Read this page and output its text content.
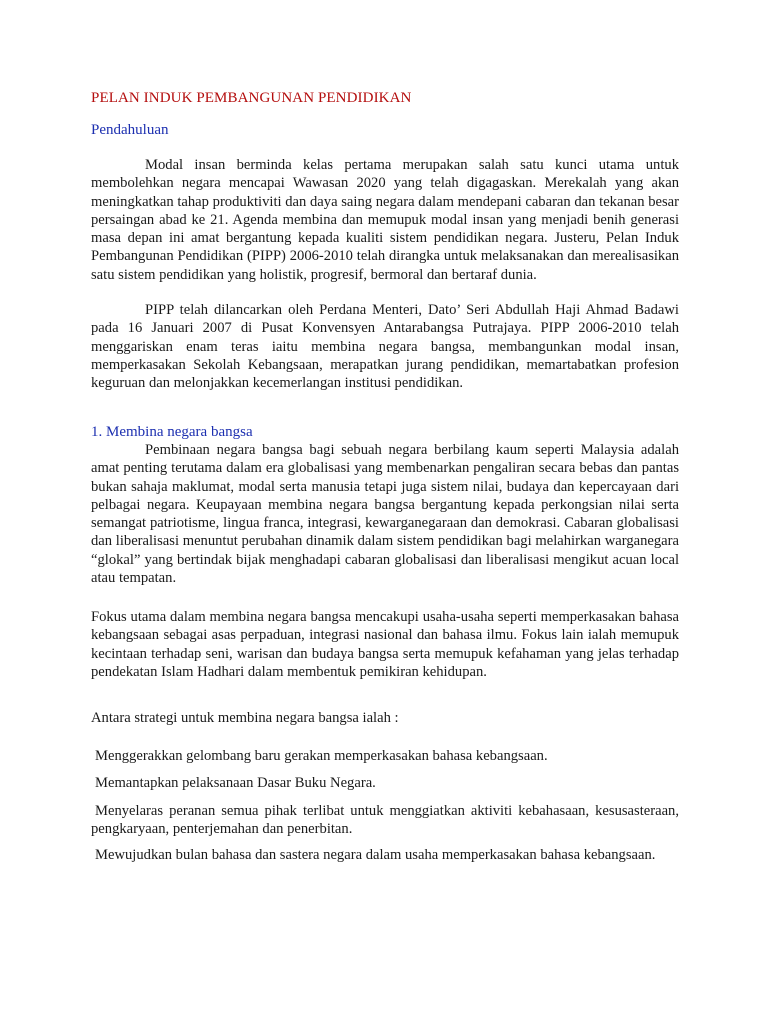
PELAN INDUK PEMBANGUNAN PENDIDIKAN
Pendahuluan

Modal insan berminda kelas pertama merupakan salah satu kunci utama untuk membolehkan negara mencapai Wawasan 2020 yang telah digagaskan. Merekalah yang akan meningkatkan tahap produktiviti dan daya saing negara dalam mendepani cabaran dan tekanan besar persaingan abad ke 21. Agenda membina dan memupuk modal insan yang menjadi benih generasi masa depan ini amat bergantung kepada kualiti sistem pendidikan negara. Justeru, Pelan Induk Pembangunan Pendidikan (PIPP) 2006-2010 telah dirangka untuk melaksanakan dan merealisasikan satu sistem pendidikan yang holistik, progresif, bermoral dan bertaraf dunia.

PIPP telah dilancarkan oleh Perdana Menteri, Dato’ Seri Abdullah Haji Ahmad Badawi pada 16 Januari 2007 di Pusat Konvensyen Antarabangsa Putrajaya. PIPP 2006-2010 telah menggariskan enam teras iaitu membina negara bangsa, membangunkan modal insan, memperkasakan Sekolah Kebangsaan, merapatkan jurang pendidikan, memartabatkan profesion keguruan dan melonjakkan kecemerlangan institusi pendidikan.

1. Membina negara bangsa

Pembinaan negara bangsa bagi sebuah negara berbilang kaum seperti Malaysia adalah amat penting terutama dalam era globalisasi yang membenarkan pengaliran secara bebas dan pantas bukan sahaja maklumat, modal serta manusia tetapi juga sistem nilai, budaya dan kepercayaan dari pelbagai negara. Keupayaan membina negara bangsa bergantung kepada perkongsian nilai serta semangat patriotisme, lingua franca, integrasi, kewarganegaraan dan demokrasi. Cabaran globalisasi dan liberalisasi menuntut perubahan dinamik dalam sistem pendidikan bagi melahirkan warganegara “glokal” yang bertindak bijak menghadapi cabaran globalisasi dan liberalisasi mengikut acuan local atau tempatan.

Fokus utama dalam membina negara bangsa mencakupi usaha-usaha seperti memperkasakan bahasa kebangsaan sebagai asas perpaduan, integrasi nasional dan bahasa ilmu. Fokus lain ialah memupuk kecintaan terhadap seni, warisan dan budaya bangsa serta memupuk kefahaman yang jelas terhadap pendekatan Islam Hadhari dalam membentuk pemikiran kehidupan.

Antara strategi untuk membina negara bangsa ialah :

Menggerakkan gelombang baru gerakan memperkasakan bahasa kebangsaan.
Memantapkan pelaksanaan Dasar Buku Negara.
Menyelaras peranan semua pihak terlibat untuk menggiatkan aktiviti kebahasaan, kesusasteraan, pengkaryaan, penterjemahan dan penerbitan.
Mewujudkan bulan bahasa dan sastera negara dalam usaha memperkasakan bahasa kebangsaan.
